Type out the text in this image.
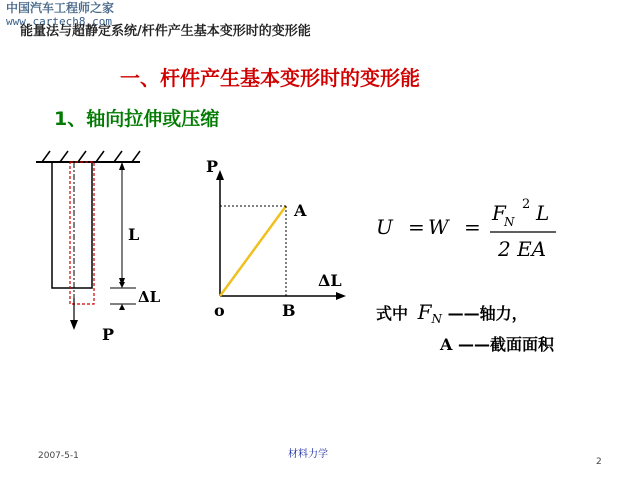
中国汽车工程师之家
www.cartech8.com
能量法与超静定系统/杆件产生基本变形时的变形能
一、杆件产生基本变形时的变形能
1、轴向拉伸或压缩
L
ΔL
P
P
ΔL
A
B
o
U = W =
F
N
2 L
2 EA
式中 $F_N$ ——轴力，
A ——截面面积
2007-5-1	材料力学
2
